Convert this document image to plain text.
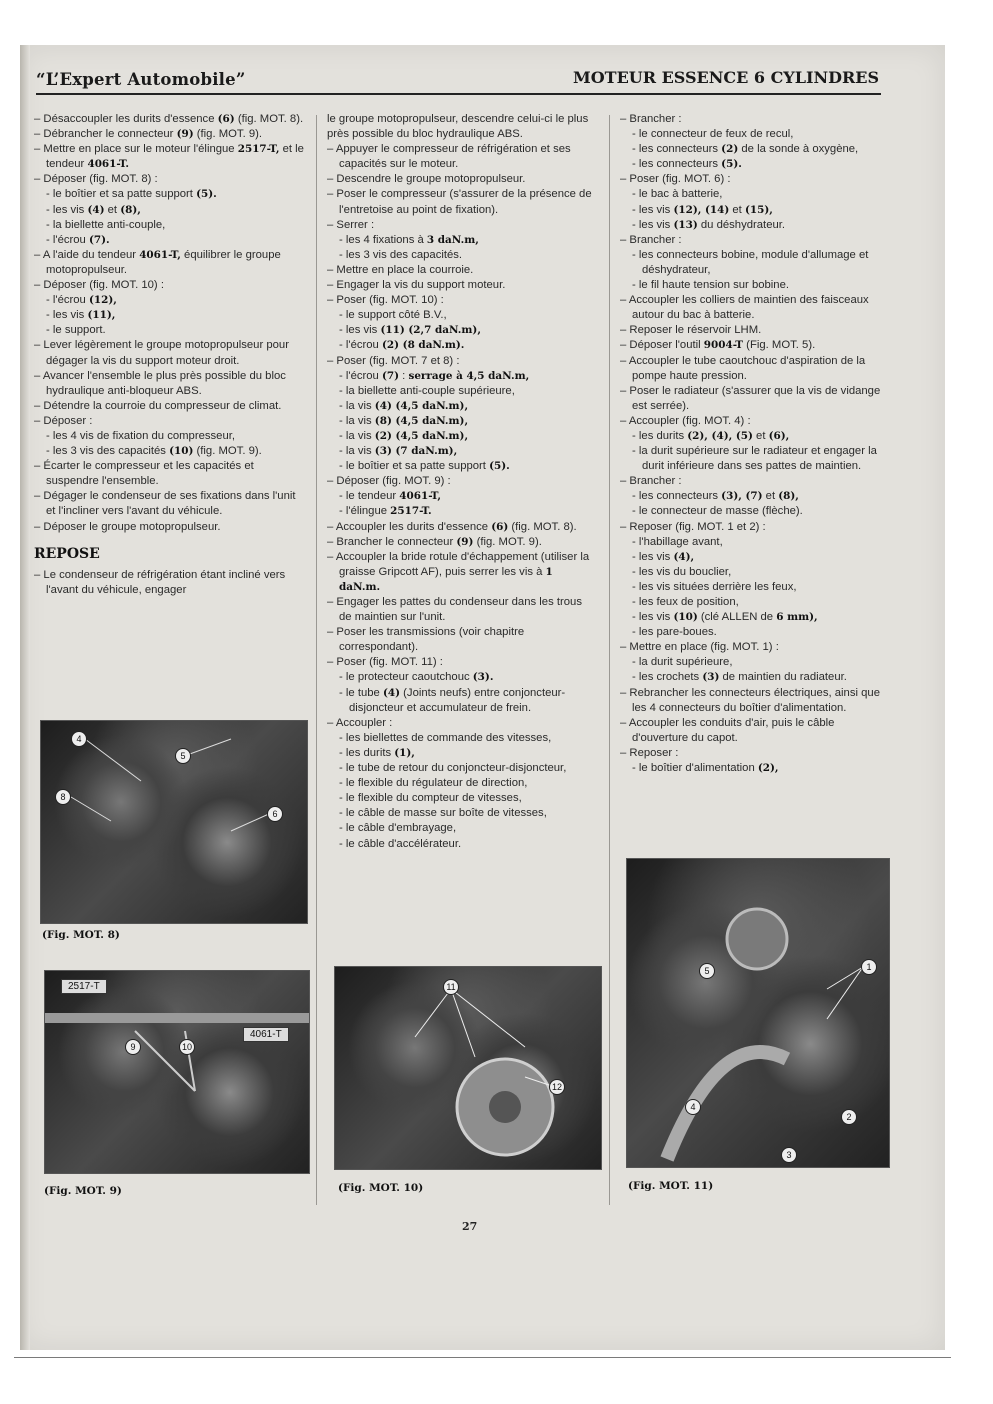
“L’Expert Automobile”	MOTEUR ESSENCE 6 CYLINDRES

– Désaccoupler les durits d'essence (6) (fig. MOT. 8).

– Débrancher le connecteur (9) (fig. MOT. 9).

– Mettre en place sur le moteur l'élingue 2517-T, et le tendeur 4061-T.

– Déposer (fig. MOT. 8) :

- le boîtier et sa patte support (5).

- les vis (4) et (8),

- la biellette anti-couple,

- l'écrou (7).

– A l'aide du tendeur 4061-T, équilibrer le groupe motopropulseur.

– Déposer (fig. MOT. 10) :

- l'écrou (12),

- les vis (11),

- le support.

– Lever légèrement le groupe motopropulseur pour dégager la vis du support moteur droit.

– Avancer l'ensemble le plus près possible du bloc hydraulique anti-bloqueur ABS.

– Détendre la courroie du compresseur de climat.

– Déposer :

- les 4 vis de fixation du compresseur,

- les 3 vis des capacités (10) (fig. MOT. 9).

– Écarter le compresseur et les capacités et suspendre l'ensemble.

– Dégager le condenseur de ses fixations dans l'unit et l'incliner vers l'avant du véhicule.

– Déposer le groupe motopropulseur.

REPOSE

– Le condenseur de réfrigération étant incliné vers l'avant du véhicule, engager

le groupe motopropulseur, descendre celui-ci le plus près possible du bloc hydraulique ABS.

– Appuyer le compresseur de réfrigération et ses capacités sur le moteur.

– Descendre le groupe motopropulseur.

– Poser le compresseur (s'assurer de la présence de l'entretoise au point de fixation).

– Serrer :

- les 4 fixations à 3 daN.m,

- les 3 vis des capacités.

– Mettre en place la courroie.

– Engager la vis du support moteur.

– Poser (fig. MOT. 10) :

- le support côté B.V.,

- les vis (11) (2,7 daN.m),

- l'écrou (2) (8 daN.m).

– Poser (fig. MOT. 7 et 8) :

- l'écrou (7) : serrage à 4,5 daN.m,

- la biellette anti-couple supérieure,

- la vis (4) (4,5 daN.m),

- la vis (8) (4,5 daN.m),

- la vis (2) (4,5 daN.m),

- la vis (3) (7 daN.m),

- le boîtier et sa patte support (5).

– Déposer (fig. MOT. 9) :

- le tendeur 4061-T,

- l'élingue 2517-T.

– Accoupler les durits d'essence (6) (fig. MOT. 8).

– Brancher le connecteur (9) (fig. MOT. 9).

– Accoupler la bride rotule d'échappement (utiliser la graisse Gripcott AF), puis serrer les vis à 1 daN.m.

– Engager les pattes du condenseur dans les trous de maintien sur l'unit.

– Poser les transmissions (voir chapitre correspondant).

– Poser (fig. MOT. 11) :

- le protecteur caoutchouc (3).

- le tube (4) (Joints neufs) entre conjoncteur-disjoncteur et accumulateur de frein.

– Accoupler :

- les biellettes de commande des vitesses,

- les durits (1),

- le tube de retour du conjoncteur-disjoncteur,

- le flexible du régulateur de direction,

- le flexible du compteur de vitesses,

- le câble de masse sur boîte de vitesses,

- le câble d'embrayage,

- le câble d'accélérateur.

– Brancher :

- le connecteur de feux de recul,

- les connecteurs (2) de la sonde à oxygène,

- les connecteurs (5).

– Poser (fig. MOT. 6) :

- le bac à batterie,

- les vis (12), (14) et (15),

- les vis (13) du déshydrateur.

– Brancher :

- les connecteurs bobine, module d'allumage et déshydrateur,

- le fil haute tension sur bobine.

– Accoupler les colliers de maintien des faisceaux autour du bac à batterie.

– Reposer le réservoir LHM.

– Déposer l'outil 9004-T (Fig. MOT. 5).

– Accoupler le tube caoutchouc d'aspiration de la pompe haute pression.

– Poser le radiateur (s'assurer que la vis de vidange est serrée).

– Accoupler (fig. MOT. 4) :

- les durits (2), (4), (5) et (6),

- la durit supérieure sur le radiateur et engager la durit inférieure dans ses pattes de maintien.

– Brancher :

- les connecteurs (3), (7) et (8),

- le connecteur de masse (flèche).

– Reposer (fig. MOT. 1 et 2) :

- l'habillage avant,

- les vis (4),

- les vis du bouclier,

- les vis situées derrière les feux,

- les feux de position,

- les vis (10) (clé ALLEN de 6 mm),

- les pare-boues.

– Mettre en place (fig. MOT. 1) :

- la durit supérieure,

- les crochets (3) de maintien du radiateur.

– Rebrancher les connecteurs électriques, ainsi que les 4 connecteurs du boîtier d'alimentation.

– Accoupler les conduits d'air, puis le câble d'ouverture du capot.

– Reposer :

- le boîtier d'alimentation (2),

4
5
8
6
(Fig. MOT. 8)
2517-T
4061-T
9	10
(Fig. MOT. 9)
11
12
(Fig. MOT. 10)
5	1
4
2
3
(Fig. MOT. 11)
27
